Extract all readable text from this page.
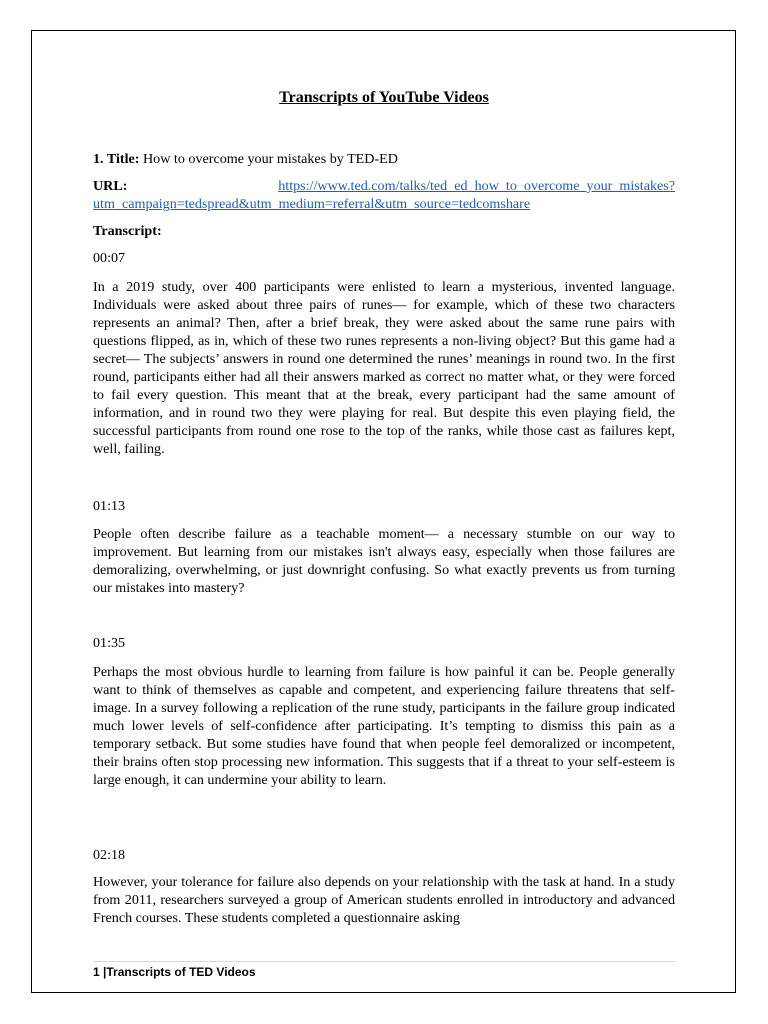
Transcripts of YouTube Videos
1. Title: How to overcome your mistakes by TED-ED
URL:	https://www.ted.com/talks/ted_ed_how_to_overcome_your_mistakes?
utm_campaign=tedspread&utm_medium=referral&utm_source=tedcomshare
Transcript:
00:07
In a 2019 study, over 400 participants were enlisted to learn a mysterious, invented language. Individuals were asked about three pairs of runes— for example, which of these two characters represents an animal? Then, after a brief break, they were asked about the same rune pairs with questions flipped, as in, which of these two runes represents a non-living object? But this game had a secret— The subjects’ answers in round one determined the runes’ meanings in round two. In the first round, participants either had all their answers marked as correct no matter what, or they were forced to fail every question. This meant that at the break, every participant had the same amount of information, and in round two they were playing for real. But despite this even playing field, the successful participants from round one rose to the top of the ranks, while those cast as failures kept, well, failing.
01:13
People often describe failure as a teachable moment— a necessary stumble on our way to improvement. But learning from our mistakes isn't always easy, especially when those failures are demoralizing, overwhelming, or just downright confusing. So what exactly prevents us from turning our mistakes into mastery?
01:35
Perhaps the most obvious hurdle to learning from failure is how painful it can be. People generally want to think of themselves as capable and competent, and experiencing failure threatens that self-image. In a survey following a replication of the rune study, participants in the failure group indicated much lower levels of self-confidence after participating. It’s tempting to dismiss this pain as a temporary setback. But some studies have found that when people feel demoralized or incompetent, their brains often stop processing new information. This suggests that if a threat to your self-esteem is large enough, it can undermine your ability to learn.
02:18
However, your tolerance for failure also depends on your relationship with the task at hand. In a study from 2011, researchers surveyed a group of American students enrolled in introductory and advanced French courses. These students completed a questionnaire asking
1 |Transcripts of TED Videos
